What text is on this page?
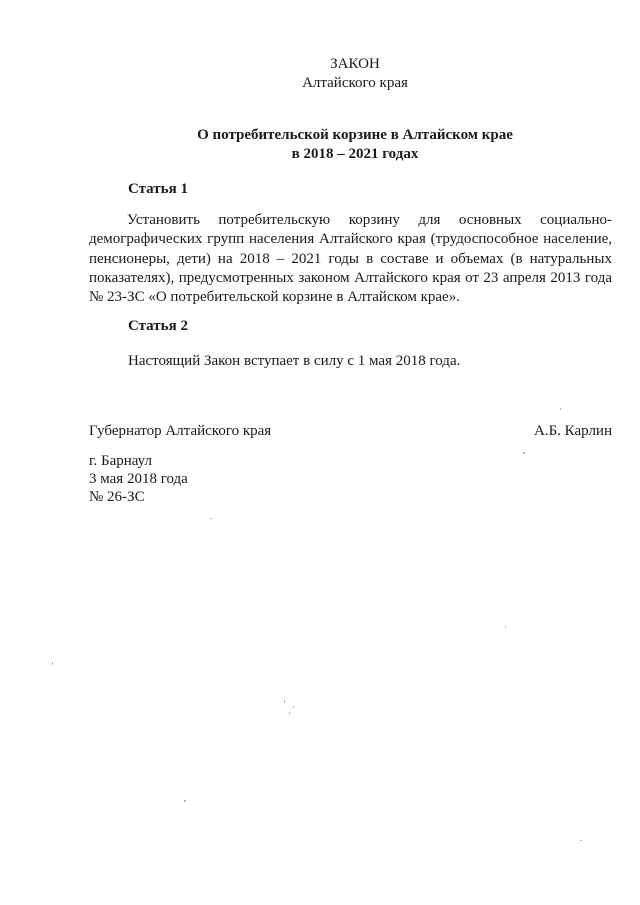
ЗАКОН
Алтайского края
О потребительской корзине в Алтайском крае
в 2018 – 2021 годах
Статья 1
Установить потребительскую корзину для основных социально-демографических групп населения Алтайского края (трудоспособное население, пенсионеры, дети) на 2018 – 2021 годы в составе и объемах (в натуральных показателях), предусмотренных законом Алтайского края от 23 апреля 2013 года № 23-ЗС «О потребительской корзине в Алтайском крае».
Статья 2
Настоящий Закон вступает в силу с 1 мая 2018 года.
Губернатор Алтайского края	А.Б. Карлин
г. Барнаул
3 мая 2018 года
№ 26-ЗС
